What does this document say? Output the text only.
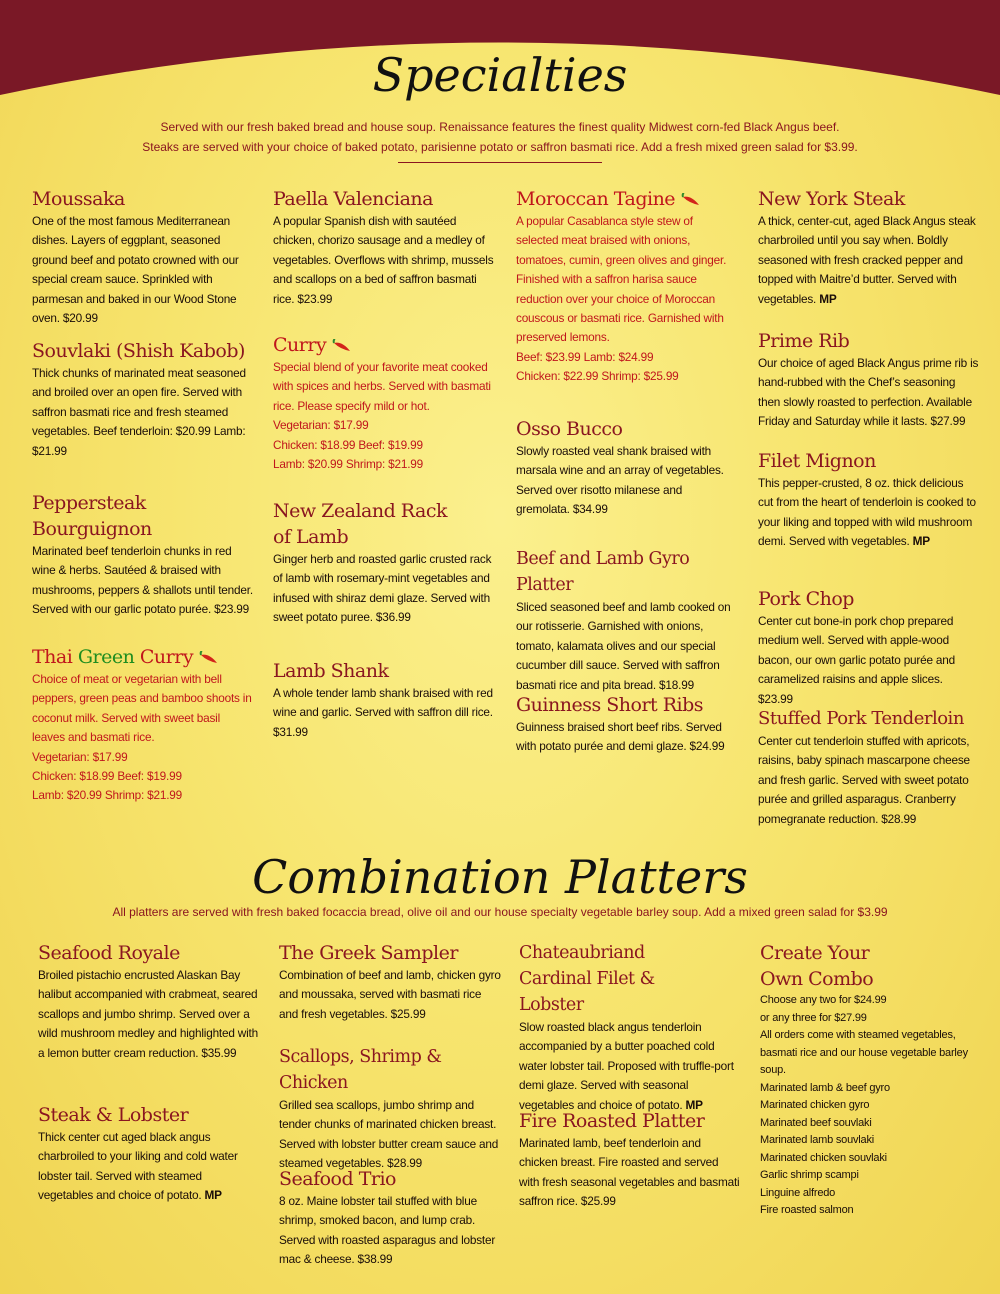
Specialties

Served with our fresh baked bread and house soup. Renaissance features the finest quality Midwest corn-fed Black Angus beef.

Steaks are served with your choice of baked potato, parisienne potato or saffron basmati rice. Add a fresh mixed green salad for $3.99.

Moussaka

One of the most famous Mediterranean dishes. Layers of eggplant, seasoned ground beef and potato crowned with our special cream sauce. Sprinkled with parmesan and baked in our Wood Stone oven. $20.99

Souvlaki (Shish Kabob)

Thick chunks of marinated meat seasoned and broiled over an open fire. Served with saffron basmati rice and fresh steamed vegetables. Beef tenderloin: $20.99 Lamb: $21.99

Peppersteak Bourguignon

Marinated beef tenderloin chunks in red wine & herbs. Sautéed & braised with mushrooms, peppers & shallots until tender. Served with our garlic potato purée. $23.99

Thai Green Curry

Choice of meat or vegetarian with bell peppers, green peas and bamboo shoots in coconut milk. Served with sweet basil leaves and basmati rice.
Vegetarian: $17.99
Chicken: $18.99 Beef: $19.99
Lamb: $20.99 Shrimp: $21.99

Paella Valenciana

A popular Spanish dish with sautéed chicken, chorizo sausage and a medley of vegetables. Overflows with shrimp, mussels and scallops on a bed of saffron basmati rice. $23.99

Curry

Special blend of your favorite meat cooked with spices and herbs. Served with basmati rice. Please specify mild or hot.
Vegetarian: $17.99
Chicken: $18.99 Beef: $19.99
Lamb: $20.99 Shrimp: $21.99

New Zealand Rack of Lamb

Ginger herb and roasted garlic crusted rack of lamb with rosemary-mint vegetables and infused with shiraz demi glaze. Served with sweet potato puree. $36.99

Lamb Shank

A whole tender lamb shank braised with red wine and garlic. Served with saffron dill rice. $31.99

Moroccan Tagine

A popular Casablanca style stew of selected meat braised with onions, tomatoes, cumin, green olives and ginger. Finished with a saffron harisa sauce reduction over your choice of Moroccan couscous or basmati rice. Garnished with preserved lemons.
Beef: $23.99 Lamb: $24.99
Chicken: $22.99 Shrimp: $25.99

Osso Bucco

Slowly roasted veal shank braised with marsala wine and an array of vegetables. Served over risotto milanese and gremolata. $34.99

Beef and Lamb Gyro Platter

Sliced seasoned beef and lamb cooked on our rotisserie. Garnished with onions, tomato, kalamata olives and our special cucumber dill sauce. Served with saffron basmati rice and pita bread. $18.99

Guinness Short Ribs

Guinness braised short beef ribs. Served with potato purée and demi glaze. $24.99

New York Steak

A thick, center-cut, aged Black Angus steak charbroiled until you say when. Boldly seasoned with fresh cracked pepper and topped with Maitre’d butter. Served with vegetables. MP

Prime Rib

Our choice of aged Black Angus prime rib is hand-rubbed with the Chef’s seasoning then slowly roasted to perfection. Available Friday and Saturday while it lasts. $27.99

Filet Mignon

This pepper-crusted, 8 oz. thick delicious cut from the heart of tenderloin is cooked to your liking and topped with wild mushroom demi. Served with vegetables. MP

Pork Chop

Center cut bone-in pork chop prepared medium well. Served with apple-wood bacon, our own garlic potato purée and caramelized raisins and apple slices. $23.99

Stuffed Pork Tenderloin

Center cut tenderloin stuffed with apricots, raisins, baby spinach mascarpone cheese and fresh garlic. Served with sweet potato purée and grilled asparagus. Cranberry pomegranate reduction. $28.99

Combination Platters

All platters are served with fresh baked focaccia bread, olive oil and our house specialty vegetable barley soup. Add a mixed green salad for $3.99

Seafood Royale

Broiled pistachio encrusted Alaskan Bay halibut accompanied with crabmeat, seared scallops and jumbo shrimp. Served over a wild mushroom medley and highlighted with a lemon butter cream reduction. $35.99

Steak & Lobster

Thick center cut aged black angus charbroiled to your liking and cold water lobster tail. Served with steamed vegetables and choice of potato. MP

The Greek Sampler

Combination of beef and lamb, chicken gyro and moussaka, served with basmati rice and fresh vegetables. $25.99

Scallops, Shrimp & Chicken

Grilled sea scallops, jumbo shrimp and tender chunks of marinated chicken breast. Served with lobster butter cream sauce and steamed vegetables. $28.99

Seafood Trio

8 oz. Maine lobster tail stuffed with blue shrimp, smoked bacon, and lump crab. Served with roasted asparagus and lobster mac & cheese. $38.99

Chateaubriand Cardinal Filet & Lobster

Slow roasted black angus tenderloin accompanied by a butter poached cold water lobster tail. Proposed with truffle-port demi glaze. Served with seasonal vegetables and choice of potato. MP

Fire Roasted Platter

Marinated lamb, beef tenderloin and chicken breast. Fire roasted and served with fresh seasonal vegetables and basmati saffron rice. $25.99

Create Your Own Combo

Choose any two for $24.99
or any three for $27.99
All orders come with steamed vegetables, basmati rice and our house vegetable barley soup.
Marinated lamb & beef gyro
Marinated chicken gyro
Marinated beef souvlaki
Marinated lamb souvlaki
Marinated chicken souvlaki
Garlic shrimp scampi
Linguine alfredo
Fire roasted salmon
